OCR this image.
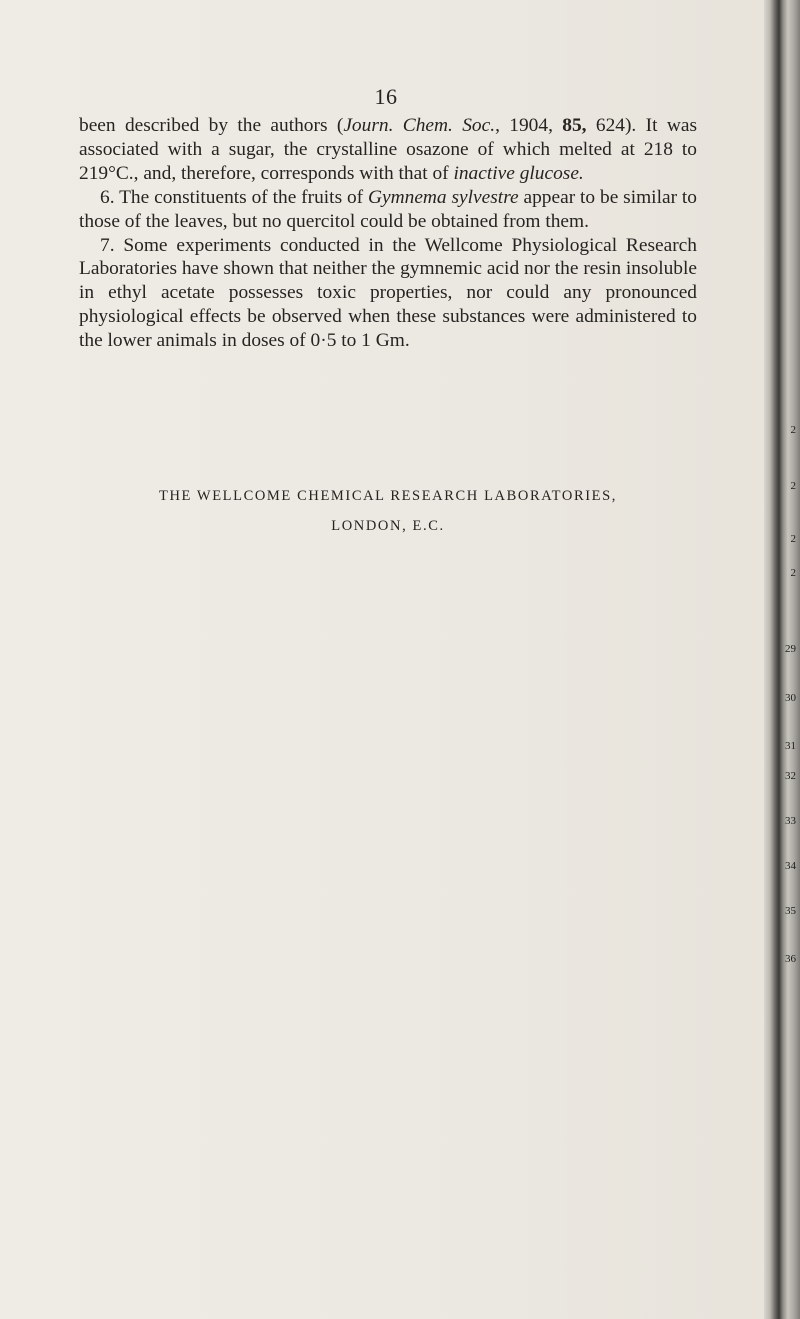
16

been described by the authors (Journ. Chem. Soc., 1904, 85, 624). It was associated with a sugar, the crystalline osazone of which melted at 218 to 219°C., and, therefore, corresponds with that of inactive glucose.

6. The constituents of the fruits of Gymnema sylvestre appear to be similar to those of the leaves, but no quercitol could be obtained from them.

7. Some experiments conducted in the Wellcome Physiological Research Laboratories have shown that neither the gymnemic acid nor the resin insoluble in ethyl acetate possesses toxic properties, nor could any pronounced physiological effects be observed when these substances were administered to the lower animals in doses of 0·5 to 1 Gm.

THE WELLCOME CHEMICAL RESEARCH LABORATORIES,
LONDON, E.C.
2
2
2
2
29
30
31
32
33
34
35
36
